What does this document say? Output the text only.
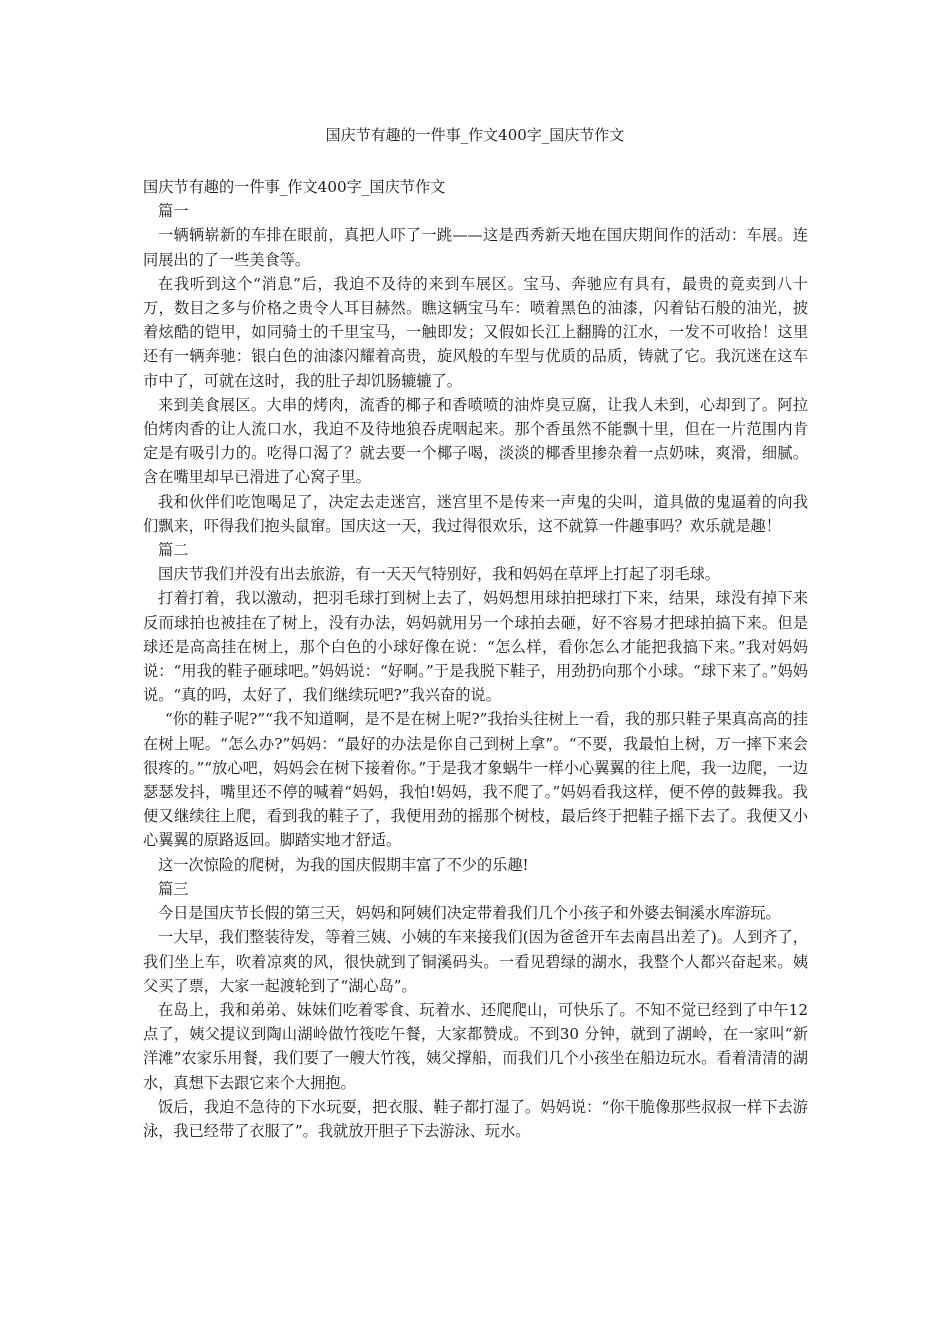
国庆节有趣的一件事_作文400字_国庆节作文

国庆节有趣的一件事_作文400字_国庆节作文

篇一

一辆辆崭新的车排在眼前，真把人吓了一跳——这是西秀新天地在国庆期间作的活动：车展。连同展出的了一些美食等。

在我听到这个“消息”后，我迫不及待的来到车展区。宝马、奔驰应有具有，最贵的竟卖到八十万，数目之多与价格之贵令人耳目赫然。瞧这辆宝马车：喷着黑色的油漆，闪着钻石般的油光，披着炫酷的铠甲，如同骑士的千里宝马，一触即发；又假如长江上翻腾的江水，一发不可收拾！这里还有一辆奔驰：银白色的油漆闪耀着高贵，旋风般的车型与优质的品质，铸就了它。我沉迷在这车市中了，可就在这时，我的肚子却饥肠辘辘了。

来到美食展区。大串的烤肉，流香的椰子和香喷喷的油炸臭豆腐，让我人未到，心却到了。阿拉伯烤肉香的让人流口水，我迫不及待地狼吞虎咽起来。那个香虽然不能飘十里，但在一片范围内肯定是有吸引力的。吃得口渴了？就去要一个椰子喝，淡淡的椰香里掺杂着一点奶味，爽滑，细腻。含在嘴里却早已滑进了心窝子里。

我和伙伴们吃饱喝足了，决定去走迷宫，迷宫里不是传来一声鬼的尖叫，道具做的鬼逼着的向我们飘来，吓得我们抱头鼠窜。国庆这一天，我过得很欢乐，这不就算一件趣事吗？欢乐就是趣！

篇二

国庆节我们并没有出去旅游，有一天天气特别好，我和妈妈在草坪上打起了羽毛球。

打着打着，我以激动，把羽毛球打到树上去了，妈妈想用球拍把球打下来，结果，球没有掉下来反而球拍也被挂在了树上，没有办法，妈妈就用另一个球拍去砸，好不容易才把球拍搞下来。但是球还是高高挂在树上，那个白色的小球好像在说：“怎么样，看你怎么才能把我搞下来。”我对妈妈说：“用我的鞋子砸球吧。”妈妈说：“好啊。”于是我脱下鞋子，用劲扔向那个小球。“球下来了。”妈妈说。“真的吗，太好了，我们继续玩吧?”我兴奋的说。

“你的鞋子呢?”“我不知道啊，是不是在树上呢?”我抬头往树上一看，我的那只鞋子果真高高的挂在树上呢。“怎么办?”妈妈：“最好的办法是你自己到树上拿”。“不要，我最怕上树，万一摔下来会很疼的。”“放心吧，妈妈会在树下接着你。”于是我才象蜗牛一样小心翼翼的往上爬，我一边爬，一边瑟瑟发抖，嘴里还不停的喊着“妈妈，我怕!妈妈，我不爬了。”妈妈看我这样，便不停的鼓舞我。我便又继续往上爬，看到我的鞋子了，我便用劲的摇那个树枝，最后终于把鞋子摇下去了。我便又小心翼翼的原路返回。脚踏实地才舒适。

这一次惊险的爬树，为我的国庆假期丰富了不少的乐趣!

篇三

今日是国庆节长假的第三天，妈妈和阿姨们决定带着我们几个小孩子和外婆去铜溪水库游玩。

一大早，我们整装待发，等着三姨、小姨的车来接我们(因为爸爸开车去南昌出差了)。人到齐了，我们坐上车，吹着凉爽的风，很快就到了铜溪码头。一看见碧绿的湖水，我整个人都兴奋起来。姨父买了票，大家一起渡轮到了“湖心岛”。

在岛上，我和弟弟、妹妹们吃着零食、玩着水、还爬爬山，可快乐了。不知不觉已经到了中午12点了，姨父提议到陶山湖岭做竹筏吃午餐，大家都赞成。不到30 分钟，就到了湖岭，在一家叫“新洋滩”农家乐用餐，我们要了一艘大竹筏，姨父撑船，而我们几个小孩坐在船边玩水。看着清清的湖水，真想下去跟它来个大拥抱。

饭后，我迫不急待的下水玩耍，把衣服、鞋子都打湿了。妈妈说：“你干脆像那些叔叔一样下去游泳，我已经带了衣服了”。我就放开胆子下去游泳、玩水。
